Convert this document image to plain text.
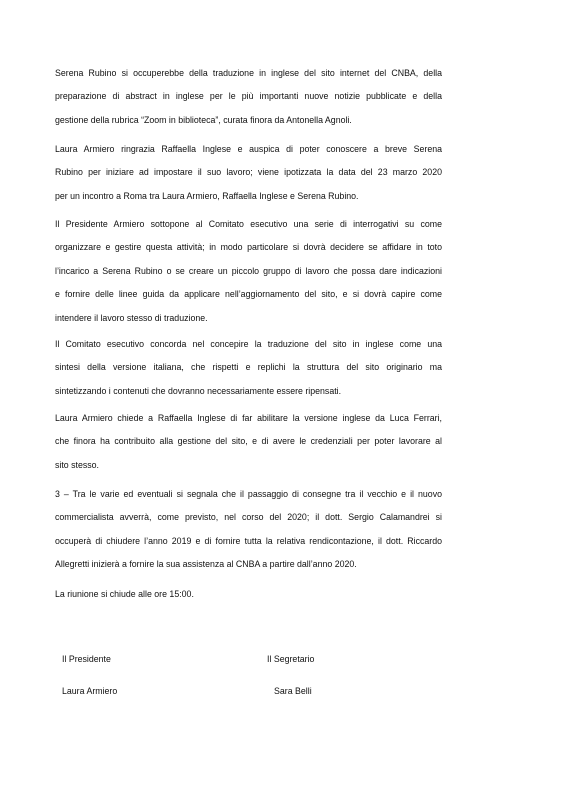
Serena Rubino si occuperebbe della traduzione in inglese del sito internet del CNBA, della
preparazione di abstract in inglese per le più importanti nuove notizie pubblicate e della
gestione della rubrica “Zoom in biblioteca”, curata finora da Antonella Agnoli.

Laura Armiero ringrazia Raffaella Inglese e auspica di poter conoscere a breve Serena
Rubino per iniziare ad impostare il suo lavoro; viene ipotizzata la data del 23 marzo 2020
per un incontro a Roma tra Laura Armiero, Raffaella Inglese e Serena Rubino.

Il Presidente Armiero sottopone al Comitato esecutivo una serie di interrogativi su come
organizzare e gestire questa attività; in modo particolare si dovrà decidere se affidare in toto
l’incarico a Serena Rubino o se creare un piccolo gruppo di lavoro che possa dare indicazioni
e fornire delle linee guida da applicare nell’aggiornamento del sito, e si dovrà capire come
intendere il lavoro stesso di traduzione.

Il Comitato esecutivo concorda nel concepire la traduzione del sito in inglese come una
sintesi della versione italiana, che rispetti e replichi la struttura del sito originario ma
sintetizzando i contenuti che dovranno necessariamente essere ripensati.

Laura Armiero chiede a Raffaella Inglese di far abilitare la versione inglese da Luca Ferrari,
che finora ha contribuito alla gestione del sito, e di avere le credenziali per poter lavorare al
sito stesso.

3 – Tra le varie ed eventuali si segnala che il passaggio di consegne tra il vecchio e il nuovo
commercialista avverrà, come previsto, nel corso del 2020; il dott. Sergio Calamandrei si
occuperà di chiudere l’anno 2019 e di fornire tutta la relativa rendicontazione, il dott. Riccardo
Allegretti inizierà a fornire la sua assistenza al CNBA a partire dall’anno 2020.

La riunione si chiude alle ore 15:00.

Il Presidente
Laura Armiero
Il Segretario
Sara Belli
